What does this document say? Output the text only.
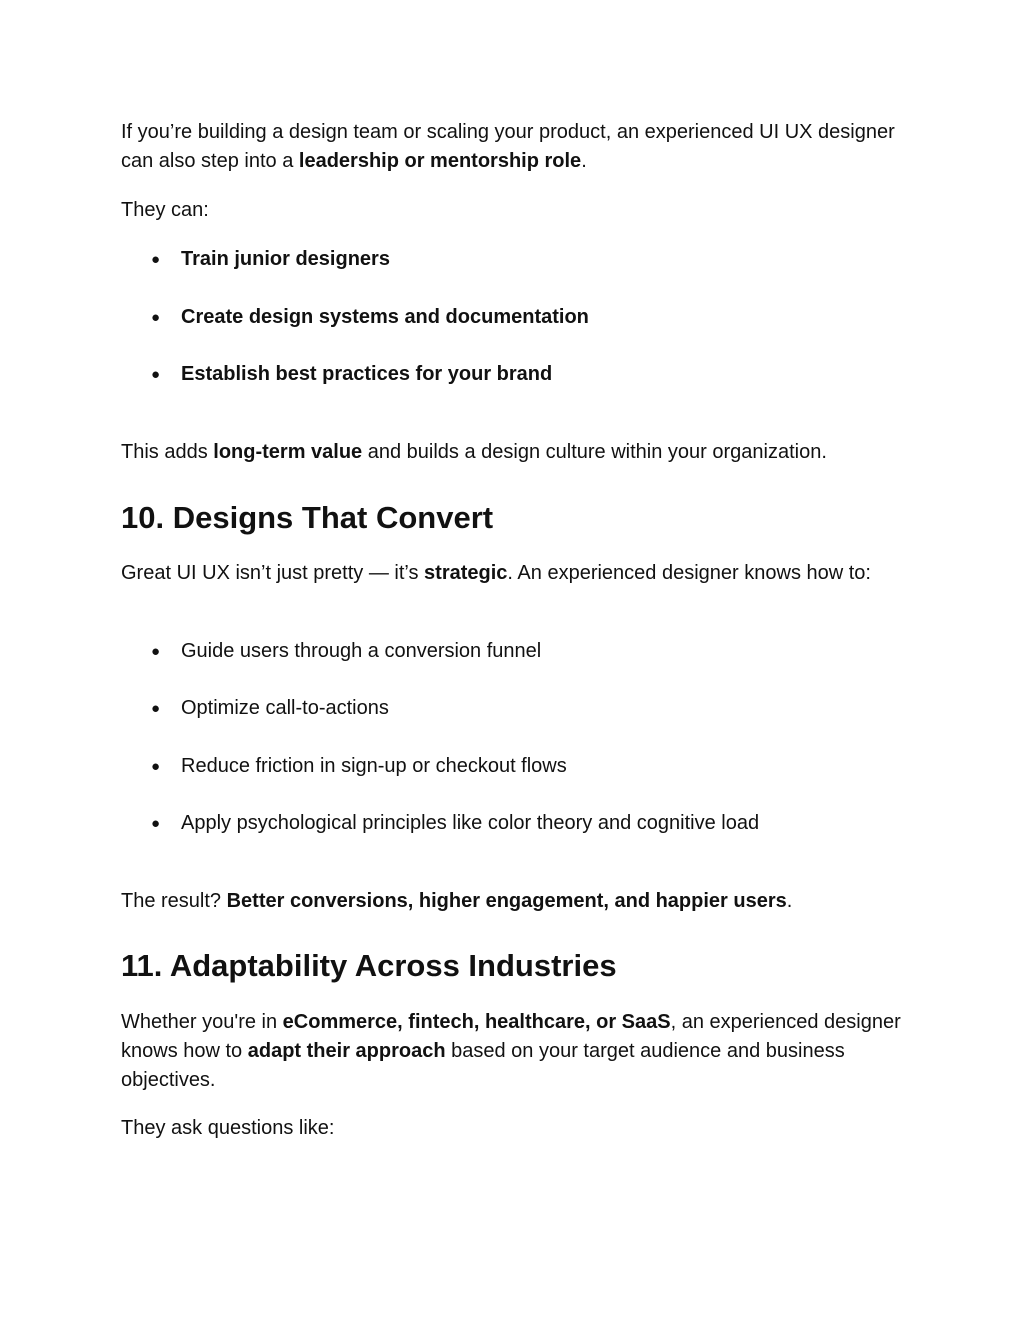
If you’re building a design team or scaling your product, an experienced UI UX designer can also step into a leadership or mentorship role.

They can:

● Train junior designers
● Create design systems and documentation
● Establish best practices for your brand

This adds long-term value and builds a design culture within your organization.

10. Designs That Convert

Great UI UX isn’t just pretty — it’s strategic. An experienced designer knows how to:

● Guide users through a conversion funnel
● Optimize call-to-actions
● Reduce friction in sign-up or checkout flows
● Apply psychological principles like color theory and cognitive load

The result? Better conversions, higher engagement, and happier users.

11. Adaptability Across Industries

Whether you're in eCommerce, fintech, healthcare, or SaaS, an experienced designer knows how to adapt their approach based on your target audience and business objectives.

They ask questions like:
